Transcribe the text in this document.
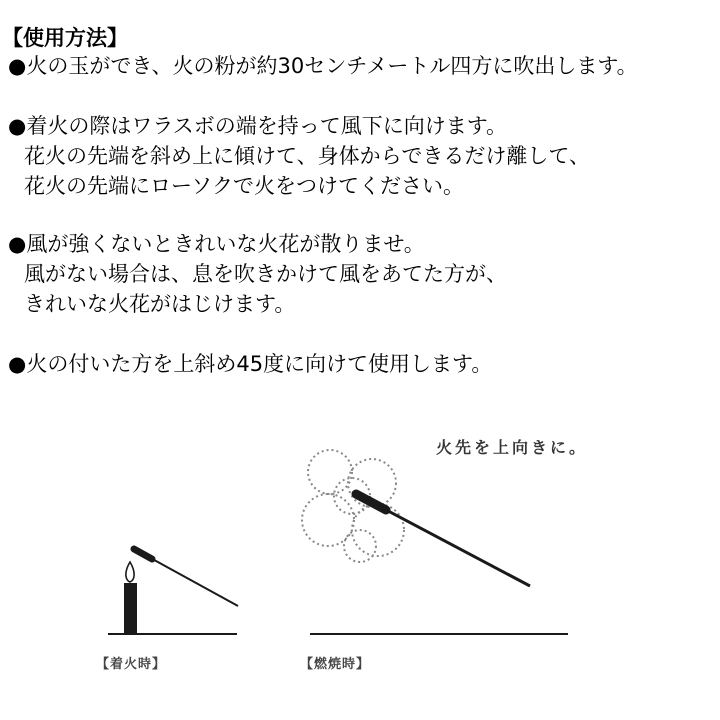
【使用方法】
●火の玉ができ、火の粉が約30センチメートル四方に吹出します。
●着火の際はワラスボの端を持って風下に向けます。
花火の先端を斜め上に傾けて、身体からできるだけ離して、
花火の先端にローソクで火をつけてください。
●風が強くないときれいな火花が散りませ。
風がない場合は、息を吹きかけて風をあてた方が、
きれいな火花がはじけます。
●火の付いた方を上斜め45度に向けて使用します。
【着火時】
火先を上向きに。
【燃焼時】
